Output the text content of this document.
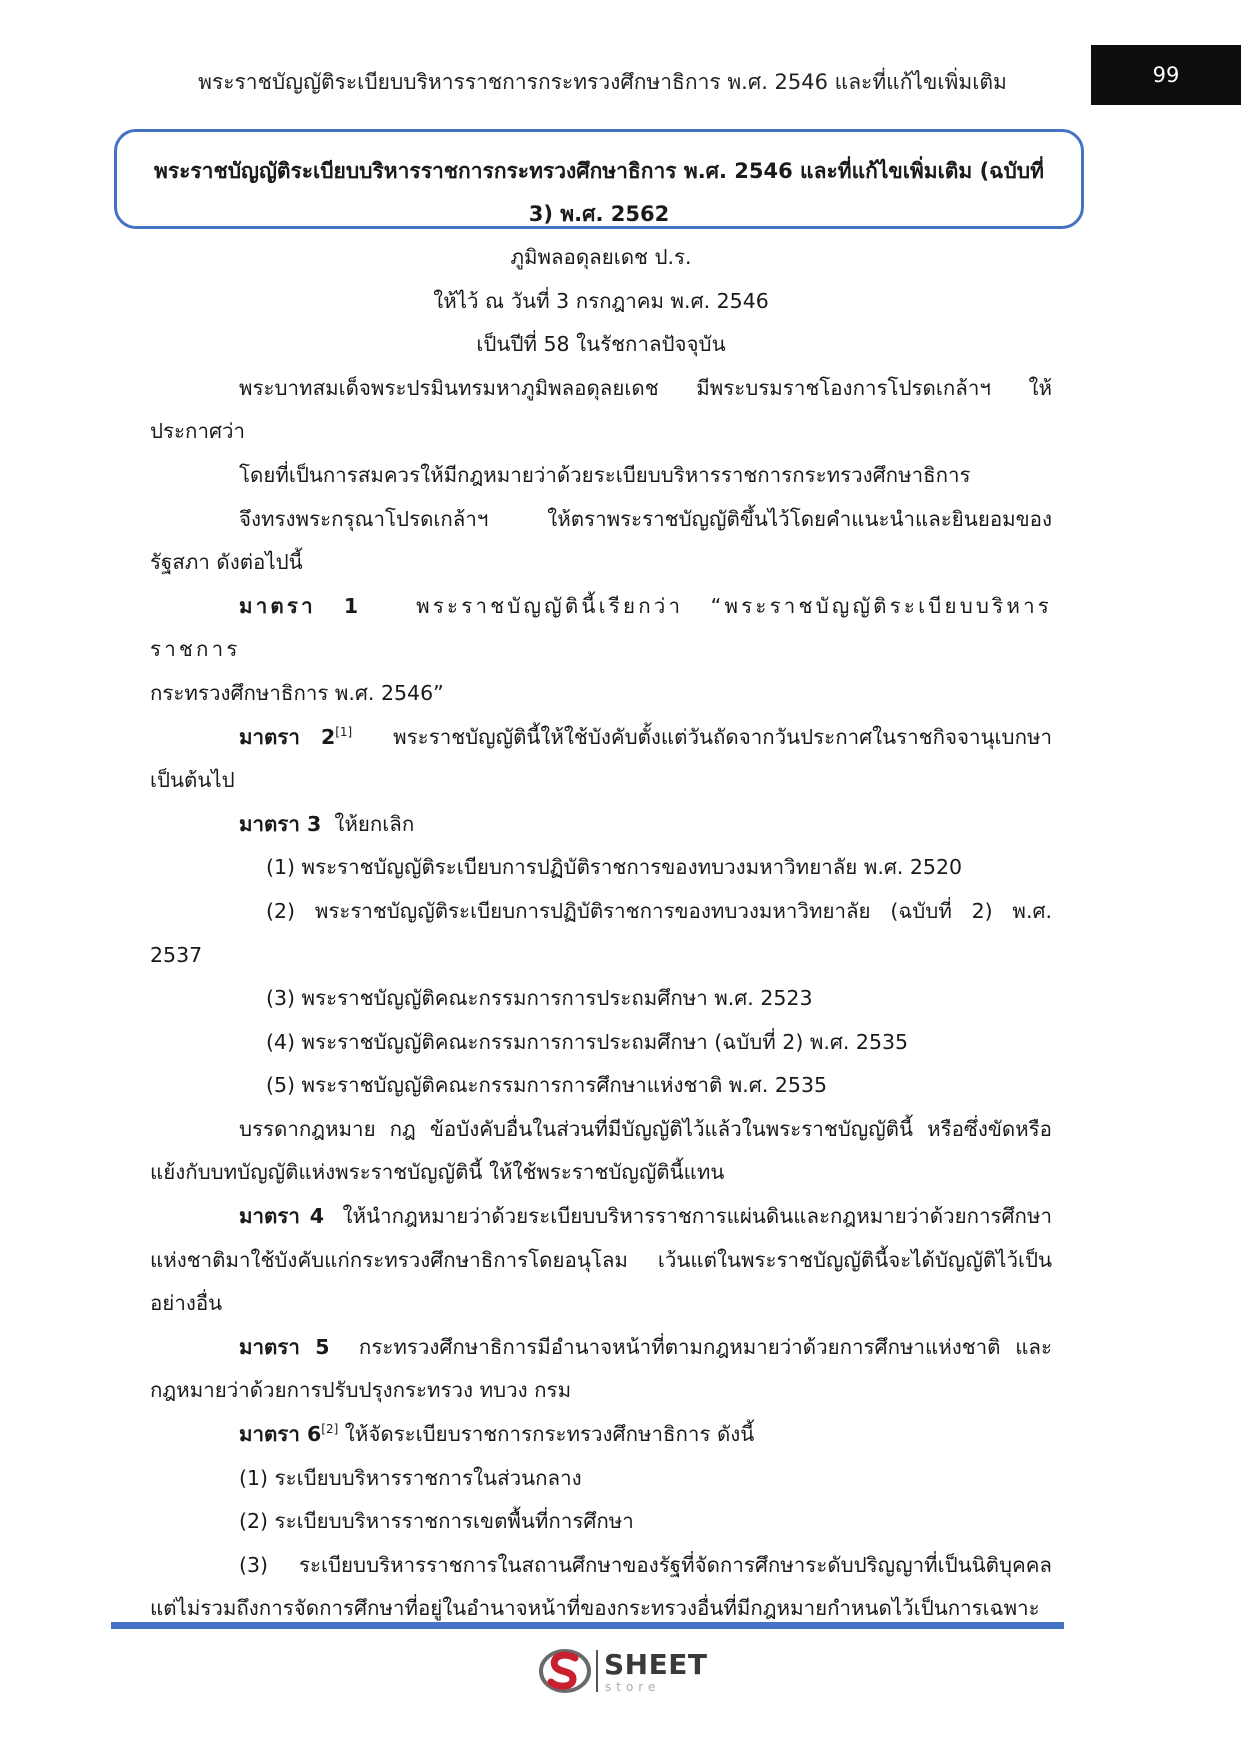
พระราชบัญญัติระเบียบบริหารราชการกระทรวงศึกษาธิการ พ.ศ. 2546 และที่แก้ไขเพิ่มเติม	99
พระราชบัญญัติระเบียบบริหารราชการกระทรวงศึกษาธิการ พ.ศ. 2546 และที่แก้ไขเพิ่มเติม (ฉบับที่
3) พ.ศ. 2562
ภูมิพลอดุลยเดช ป.ร.
ให้ไว้ ณ วันที่ 3 กรกฎาคม พ.ศ. 2546
เป็นปีที่ 58 ในรัชกาลปัจจุบัน
พระบาทสมเด็จพระปรมินทรมหาภูมิพลอดุลยเดช มีพระบรมราชโองการโปรดเกล้าฯ ให้ประกาศว่า
โดยที่เป็นการสมควรให้มีกฎหมายว่าด้วยระเบียบบริหารราชการกระทรวงศึกษาธิการ
จึงทรงพระกรุณาโปรดเกล้าฯ ให้ตราพระราชบัญญัติขึ้นไว้โดยคำแนะนำและยินยอมของรัฐสภา ดังต่อไปนี้
มาตรา 1	พระราชบัญญัตินี้เรียกว่า “พระราชบัญญัติระเบียบบริหารราชการ
กระทรวงศึกษาธิการ พ.ศ. 2546”
มาตรา 2[1] พระราชบัญญัตินี้ให้ใช้บังคับตั้งแต่วันถัดจากวันประกาศในราชกิจจานุเบกษาเป็นต้นไป
มาตรา 3 ให้ยกเลิก
(1) พระราชบัญญัติระเบียบการปฏิบัติราชการของทบวงมหาวิทยาลัย พ.ศ. 2520
(2) พระราชบัญญัติระเบียบการปฏิบัติราชการของทบวงมหาวิทยาลัย (ฉบับที่ 2) พ.ศ. 2537
(3) พระราชบัญญัติคณะกรรมการการประถมศึกษา พ.ศ. 2523
(4) พระราชบัญญัติคณะกรรมการการประถมศึกษา (ฉบับที่ 2) พ.ศ. 2535
(5) พระราชบัญญัติคณะกรรมการการศึกษาแห่งชาติ พ.ศ. 2535
บรรดากฎหมาย กฎ ข้อบังคับอื่นในส่วนที่มีบัญญัติไว้แล้วในพระราชบัญญัตินี้ หรือซึ่งขัดหรือแย้งกับบทบัญญัติแห่งพระราชบัญญัตินี้ ให้ใช้พระราชบัญญัตินี้แทน
มาตรา 4 ให้นำกฎหมายว่าด้วยระเบียบบริหารราชการแผ่นดินและกฎหมายว่าด้วยการศึกษาแห่งชาติมาใช้บังคับแก่กระทรวงศึกษาธิการโดยอนุโลม เว้นแต่ในพระราชบัญญัตินี้จะได้บัญญัติไว้เป็นอย่างอื่น
มาตรา 5 กระทรวงศึกษาธิการมีอำนาจหน้าที่ตามกฎหมายว่าด้วยการศึกษาแห่งชาติ และกฎหมายว่าด้วยการปรับปรุงกระทรวง ทบวง กรม
มาตรา 6[2] ให้จัดระเบียบราชการกระทรวงศึกษาธิการ ดังนี้
(1) ระเบียบบริหารราชการในส่วนกลาง
(2) ระเบียบบริหารราชการเขตพื้นที่การศึกษา
(3) ระเบียบบริหารราชการในสถานศึกษาของรัฐที่จัดการศึกษาระดับปริญญาที่เป็นนิติบุคคลแต่ไม่รวมถึงการจัดการศึกษาที่อยู่ในอำนาจหน้าที่ของกระทรวงอื่นที่มีกฎหมายกำหนดไว้เป็นการเฉพาะ
SHEET
store
